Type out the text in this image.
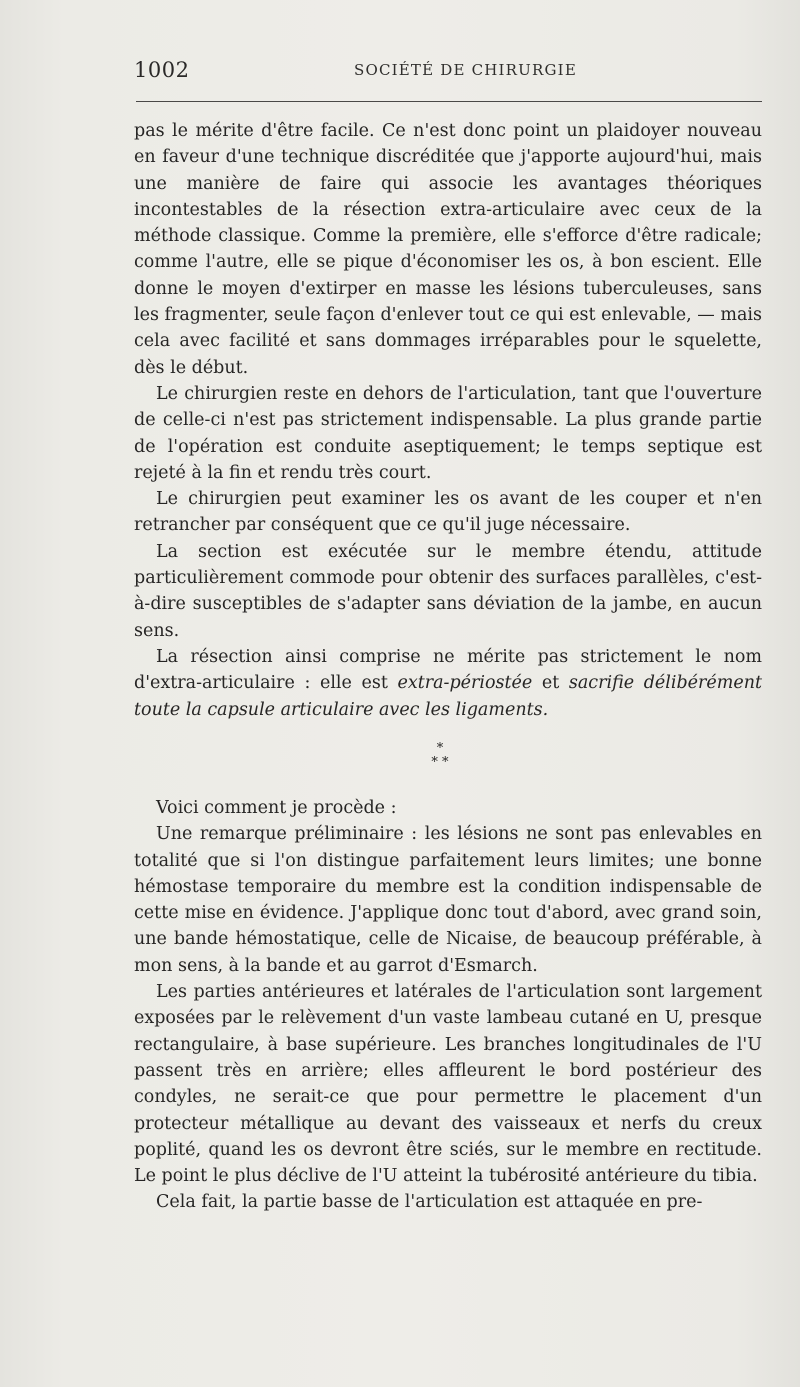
1002	SOCIÉTÉ DE CHIRURGIE

pas le mérite d'être facile. Ce n'est donc point un plaidoyer nouveau en faveur d'une technique discréditée que j'apporte aujourd'hui, mais une manière de faire qui associe les avantages théoriques incontestables de la résection extra-articulaire avec ceux de la méthode classique. Comme la première, elle s'efforce d'être radicale; comme l'autre, elle se pique d'économiser les os, à bon escient. Elle donne le moyen d'extirper en masse les lésions tuberculeuses, sans les fragmenter, seule façon d'enlever tout ce qui est enlevable, — mais cela avec facilité et sans dommages irréparables pour le squelette, dès le début.

Le chirurgien reste en dehors de l'articulation, tant que l'ouverture de celle-ci n'est pas strictement indispensable. La plus grande partie de l'opération est conduite aseptiquement; le temps septique est rejeté à la fin et rendu très court.

Le chirurgien peut examiner les os avant de les couper et n'en retrancher par conséquent que ce qu'il juge nécessaire.

La section est exécutée sur le membre étendu, attitude particulièrement commode pour obtenir des surfaces parallèles, c'est-à-dire susceptibles de s'adapter sans déviation de la jambe, en aucun sens.

La résection ainsi comprise ne mérite pas strictement le nom d'extra-articulaire : elle est extra-périostée et sacrifie délibérément toute la capsule articulaire avec les ligaments.

*
* *

Voici comment je procède :

Une remarque préliminaire : les lésions ne sont pas enlevables en totalité que si l'on distingue parfaitement leurs limites; une bonne hémostase temporaire du membre est la condition indispensable de cette mise en évidence. J'applique donc tout d'abord, avec grand soin, une bande hémostatique, celle de Nicaise, de beaucoup préférable, à mon sens, à la bande et au garrot d'Esmarch.

Les parties antérieures et latérales de l'articulation sont largement exposées par le relèvement d'un vaste lambeau cutané en U, presque rectangulaire, à base supérieure. Les branches longitudinales de l'U passent très en arrière; elles affleurent le bord postérieur des condyles, ne serait-ce que pour permettre le placement d'un protecteur métallique au devant des vaisseaux et nerfs du creux poplité, quand les os devront être sciés, sur le membre en rectitude. Le point le plus déclive de l'U atteint la tubérosité antérieure du tibia.

Cela fait, la partie basse de l'articulation est attaquée en pre-
